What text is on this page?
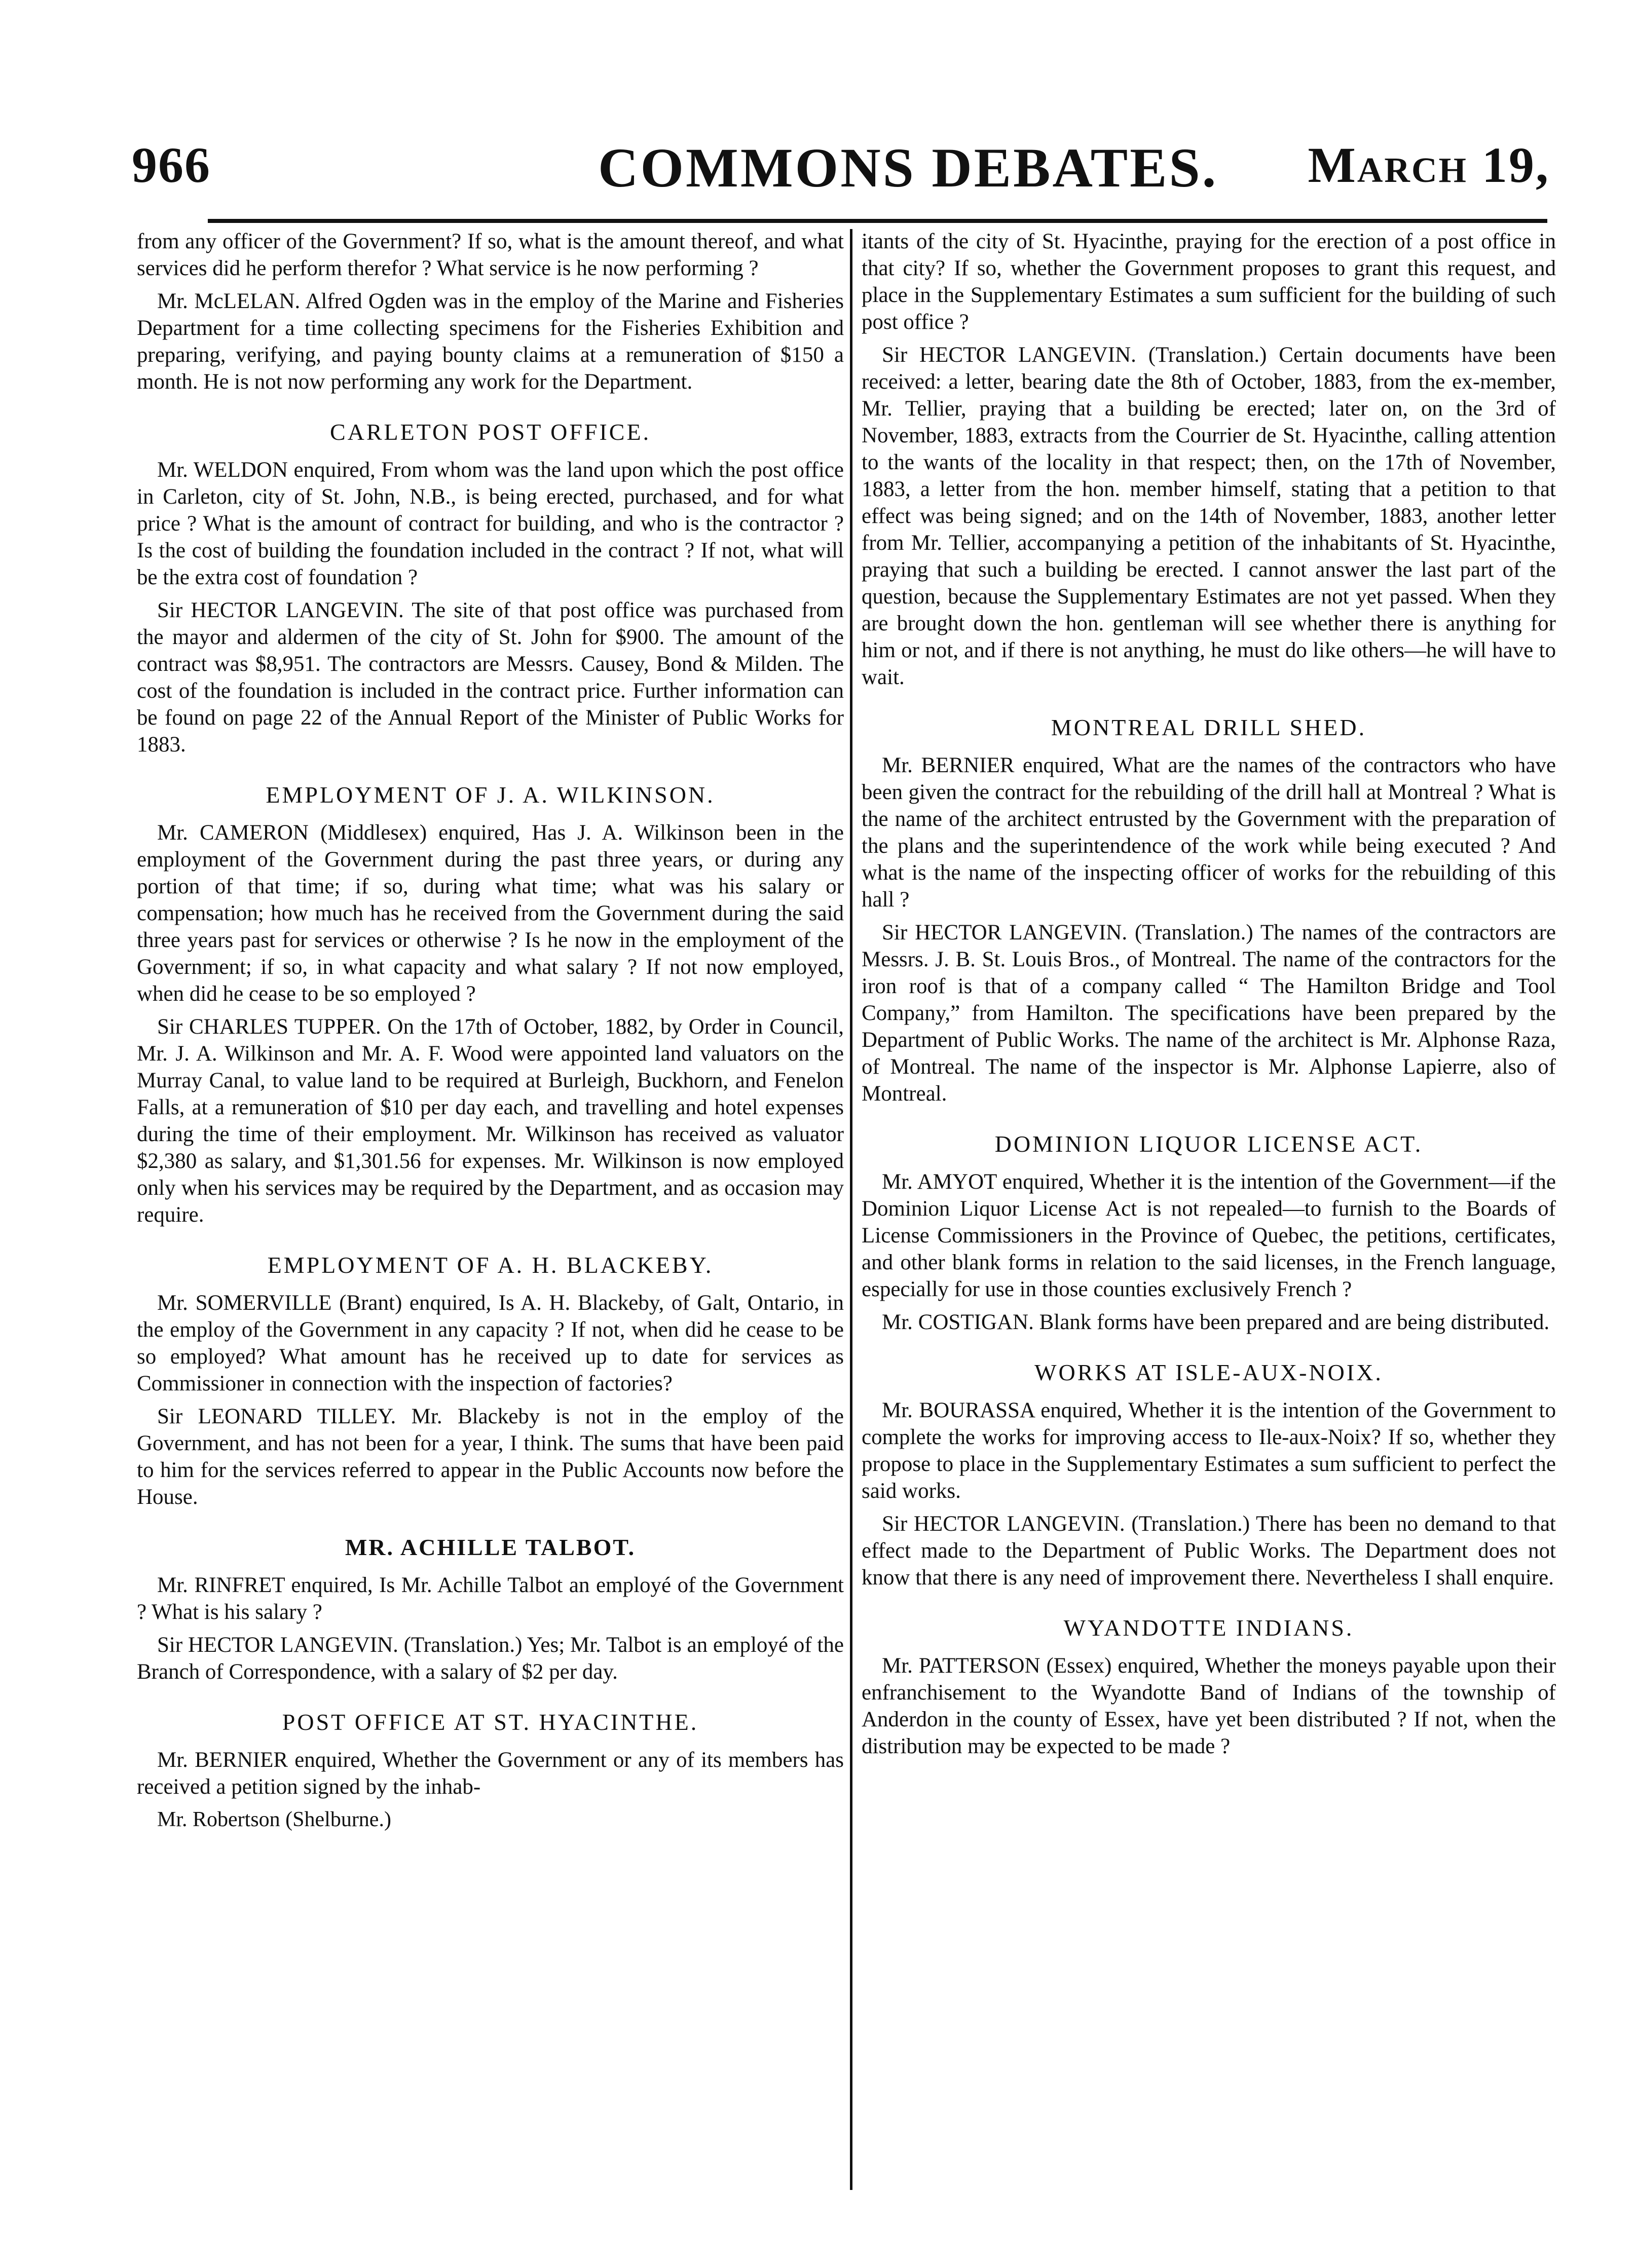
966	COMMONS DEBATES. March 19,

from any officer of the Government? If so, what is the amount thereof, and what services did he perform therefor ? What service is he now performing ?

Mr. McLELAN. Alfred Ogden was in the employ of the Marine and Fisheries Department for a time collecting specimens for the Fisheries Exhibition and preparing, verifying, and paying bounty claims at a remuneration of $150 a month. He is not now performing any work for the Department.

CARLETON POST OFFICE.

Mr. WELDON enquired, From whom was the land upon which the post office in Carleton, city of St. John, N.B., is being erected, purchased, and for what price ? What is the amount of contract for building, and who is the contractor ? Is the cost of building the foundation included in the contract ? If not, what will be the extra cost of foundation ?

Sir HECTOR LANGEVIN. The site of that post office was purchased from the mayor and aldermen of the city of St. John for $900. The amount of the contract was $8,951. The contractors are Messrs. Causey, Bond & Milden. The cost of the foundation is included in the contract price. Further information can be found on page 22 of the Annual Report of the Minister of Public Works for 1883.

EMPLOYMENT OF J. A. WILKINSON.

Mr. CAMERON (Middlesex) enquired, Has J. A. Wilkinson been in the employment of the Government during the past three years, or during any portion of that time; if so, during what time; what was his salary or compensation; how much has he received from the Government during the said three years past for services or otherwise ? Is he now in the employment of the Government; if so, in what capacity and what salary ? If not now employed, when did he cease to be so employed ?

Sir CHARLES TUPPER. On the 17th of October, 1882, by Order in Council, Mr. J. A. Wilkinson and Mr. A. F. Wood were appointed land valuators on the Murray Canal, to value land to be required at Burleigh, Buckhorn, and Fenelon Falls, at a remuneration of $10 per day each, and travelling and hotel expenses during the time of their employment. Mr. Wilkinson has received as valuator $2,380 as salary, and $1,301.56 for expenses. Mr. Wilkinson is now employed only when his services may be required by the Department, and as occasion may require.

EMPLOYMENT OF A. H. BLACKEBY.

Mr. SOMERVILLE (Brant) enquired, Is A. H. Blackeby, of Galt, Ontario, in the employ of the Government in any capacity ? If not, when did he cease to be so employed? What amount has he received up to date for services as Commissioner in connection with the inspection of factories?

Sir LEONARD TILLEY. Mr. Blackeby is not in the employ of the Government, and has not been for a year, I think. The sums that have been paid to him for the services referred to appear in the Public Accounts now before the House.

MR. ACHILLE TALBOT.

Mr. RINFRET enquired, Is Mr. Achille Talbot an employé of the Government ? What is his salary ?

Sir HECTOR LANGEVIN. (Translation.) Yes; Mr. Talbot is an employé of the Branch of Correspondence, with a salary of $2 per day.

POST OFFICE AT ST. HYACINTHE.

Mr. BERNIER enquired, Whether the Government or any of its members has received a petition signed by the inhab-

Mr. Robertson (Shelburne.)

itants of the city of St. Hyacinthe, praying for the erection of a post office in that city? If so, whether the Government proposes to grant this request, and place in the Supplementary Estimates a sum sufficient for the building of such post office ?

Sir HECTOR LANGEVIN. (Translation.) Certain documents have been received: a letter, bearing date the 8th of October, 1883, from the ex-member, Mr. Tellier, praying that a building be erected; later on, on the 3rd of November, 1883, extracts from the Courrier de St. Hyacinthe, calling attention to the wants of the locality in that respect; then, on the 17th of November, 1883, a letter from the hon. member himself, stating that a petition to that effect was being signed; and on the 14th of November, 1883, another letter from Mr. Tellier, accompanying a petition of the inhabitants of St. Hyacinthe, praying that such a building be erected. I cannot answer the last part of the question, because the Supplementary Estimates are not yet passed. When they are brought down the hon. gentleman will see whether there is anything for him or not, and if there is not anything, he must do like others—he will have to wait.

MONTREAL DRILL SHED.

Mr. BERNIER enquired, What are the names of the contractors who have been given the contract for the rebuilding of the drill hall at Montreal ? What is the name of the architect entrusted by the Government with the preparation of the plans and the superintendence of the work while being executed ? And what is the name of the inspecting officer of works for the rebuilding of this hall ?

Sir HECTOR LANGEVIN. (Translation.) The names of the contractors are Messrs. J. B. St. Louis Bros., of Montreal. The name of the contractors for the iron roof is that of a company called “ The Hamilton Bridge and Tool Company,” from Hamilton. The specifications have been prepared by the Department of Public Works. The name of the architect is Mr. Alphonse Raza, of Montreal. The name of the inspector is Mr. Alphonse Lapierre, also of Montreal.

DOMINION LIQUOR LICENSE ACT.

Mr. AMYOT enquired, Whether it is the intention of the Government—if the Dominion Liquor License Act is not repealed—to furnish to the Boards of License Commissioners in the Province of Quebec, the petitions, certificates, and other blank forms in relation to the said licenses, in the French language, especially for use in those counties exclusively French ?

Mr. COSTIGAN. Blank forms have been prepared and are being distributed.

WORKS AT ISLE-AUX-NOIX.

Mr. BOURASSA enquired, Whether it is the intention of the Government to complete the works for improving access to Ile-aux-Noix? If so, whether they propose to place in the Supplementary Estimates a sum sufficient to perfect the said works.

Sir HECTOR LANGEVIN. (Translation.) There has been no demand to that effect made to the Department of Public Works. The Department does not know that there is any need of improvement there. Nevertheless I shall enquire.

WYANDOTTE INDIANS.

Mr. PATTERSON (Essex) enquired, Whether the moneys payable upon their enfranchisement to the Wyandotte Band of Indians of the township of Anderdon in the county of Essex, have yet been distributed ? If not, when the distribution may be expected to be made ?
